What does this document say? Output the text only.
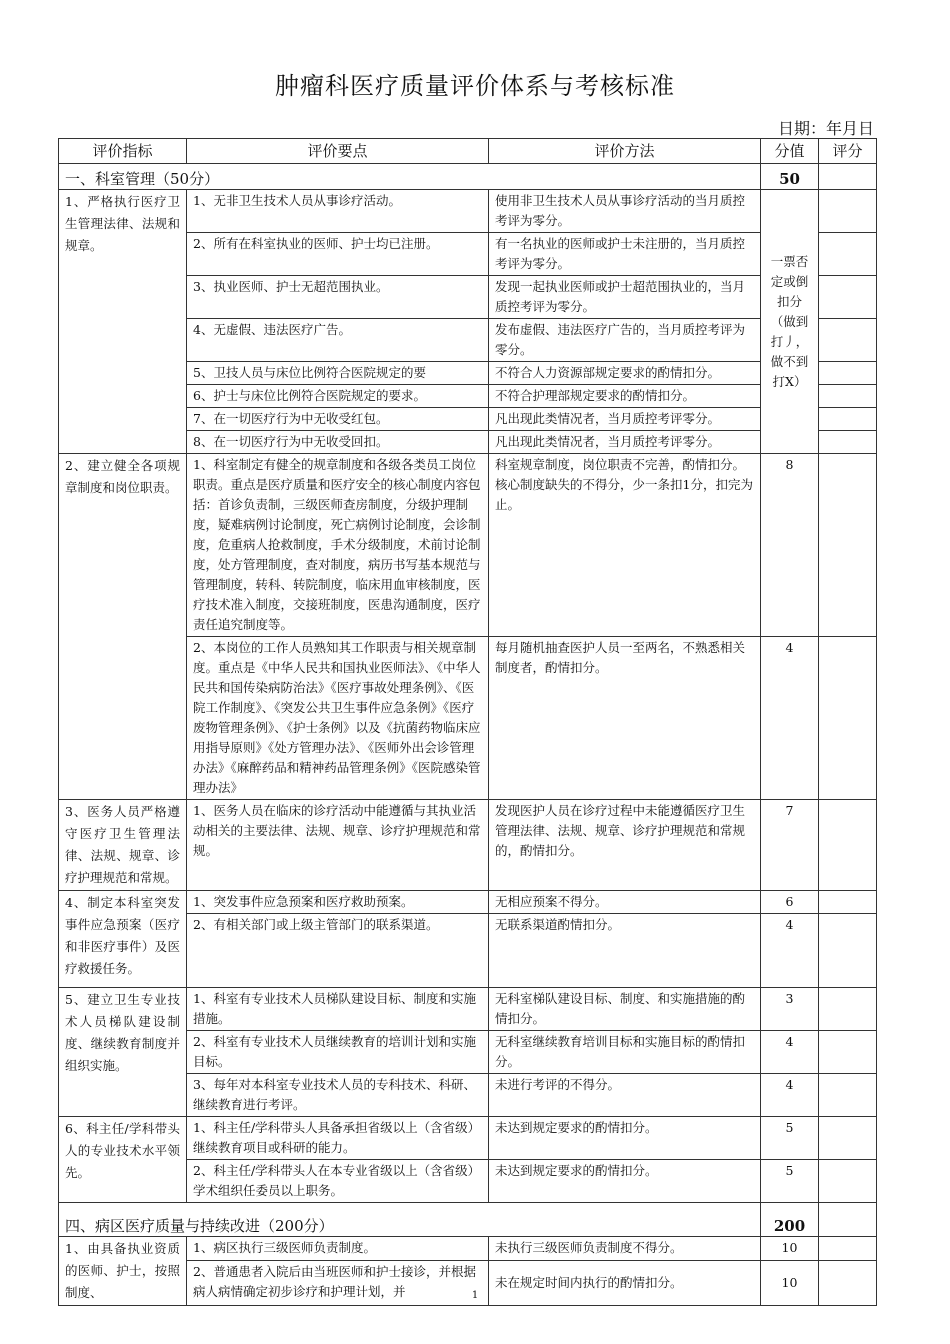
肿瘤科医疗质量评价体系与考核标准
日期：年月日
评价指标	评价要点	评价方法	分值	评分
一、科室管理（50分）			50	
1、严格执行医疗卫生管理法律、法规和规章。	1、无非卫生技术人员从事诊疗活动。	使用非卫生技术人员从事诊疗活动的当月质控考评为零分。	一票否定或倒扣分（做到打丿，做不到打X）	
	2、所有在科室执业的医师、护士均已注册。	有一名执业的医师或护士未注册的，当月质控考评为零分。		
	3、执业医师、护士无超范围执业。	发现一起执业医师或护士超范围执业的，当月质控考评为零分。		
	4、无虚假、违法医疗广告。	发布虚假、违法医疗广告的，当月质控考评为零分。		
	5、卫技人员与床位比例符合医院规定的要	不符合人力资源部规定要求的酌情扣分。		
	6、护士与床位比例符合医院规定的要求。	不符合护理部规定要求的酌情扣分。		
	7、在一切医疗行为中无收受红包。	凡出现此类情况者，当月质控考评零分。		
	8、在一切医疗行为中无收受回扣。	凡出现此类情况者，当月质控考评零分。		
2、建立健全各项规章制度和岗位职责。	1、科室制定有健全的规章制度和各级各类员工岗位职责。重点是医疗质量和医疗安全的核心制度内容包括：首诊负责制，三级医师查房制度，分级护理制度，疑难病例讨论制度，死亡病例讨论制度，会诊制度，危重病人抢救制度，手术分级制度，术前讨论制度，处方管理制度，查对制度，病历书写基本规范与管理制度，转科、转院制度，临床用血审核制度，医疗技术准入制度，交接班制度，医患沟通制度，医疗责任追究制度等。	科室规章制度，岗位职责不完善，酌情扣分。核心制度缺失的不得分，少一条扣1分，扣完为止。	8	
	2、本岗位的工作人员熟知其工作职责与相关规章制度。重点是《中华人民共和国执业医师法》、《中华人民共和国传染病防治法》《医疗事故处理条例》、《医院工作制度》、《突发公共卫生事件应急条例》《医疗废物管理条例》、《护士条例》以及《抗菌药物临床应用指导原则》《处方管理办法》、《医师外出会诊管理办法》《麻醉药品和精神药品管理条例》《医院感染管理办法》	每月随机抽查医护人员一至两名，不熟悉相关制度者，酌情扣分。	4	
3、医务人员严格遵守医疗卫生管理法律、法规、规章、诊疗护理规范和常规。	1、医务人员在临床的诊疗活动中能遵循与其执业活动相关的主要法律、法规、规章、诊疗护理规范和常规。	发现医护人员在诊疗过程中未能遵循医疗卫生管理法律、法规、规章、诊疗护理规范和常规的，酌情扣分。	7	
4、制定本科室突发事件应急预案（医疗和非医疗事件）及医疗救援任务。	1、突发事件应急预案和医疗救助预案。	无相应预案不得分。	6	
	2、有相关部门或上级主管部门的联系渠道。	无联系渠道酌情扣分。	4	
5、建立卫生专业技术人员梯队建设制度、继续教育制度并组织实施。	1、科室有专业技术人员梯队建设目标、制度和实施措施。	无科室梯队建设目标、制度、和实施措施的酌情扣分。	3	
	2、科室有专业技术人员继续教育的培训计划和实施目标。	无科室继续教育培训目标和实施目标的酌情扣分。	4	
	3、每年对本科室专业技术人员的专科技术、科研、继续教育进行考评。	未进行考评的不得分。	4	
6、科主任/学科带头人的专业技术水平领先。	1、科主任/学科带头人具备承担省级以上（含省级）继续教育项目或科研的能力。	未达到规定要求的酌情扣分。	5	
	2、科主任/学科带头人在本专业省级以上（含省级）学术组织任委员以上职务。	未达到规定要求的酌情扣分。	5	
四、病区医疗质量与持续改进（200分）			200	
1、由具备执业资质的医师、护士，按照制度、	1、病区执行三级医师负责制度。	未执行三级医师负责制度不得分。	10	
	2、普通患者入院后由当班医师和护士接诊，并根据病人病情确定初步诊疗和护理计划，并	未在规定时间内执行的酌情扣分。	10	
1
